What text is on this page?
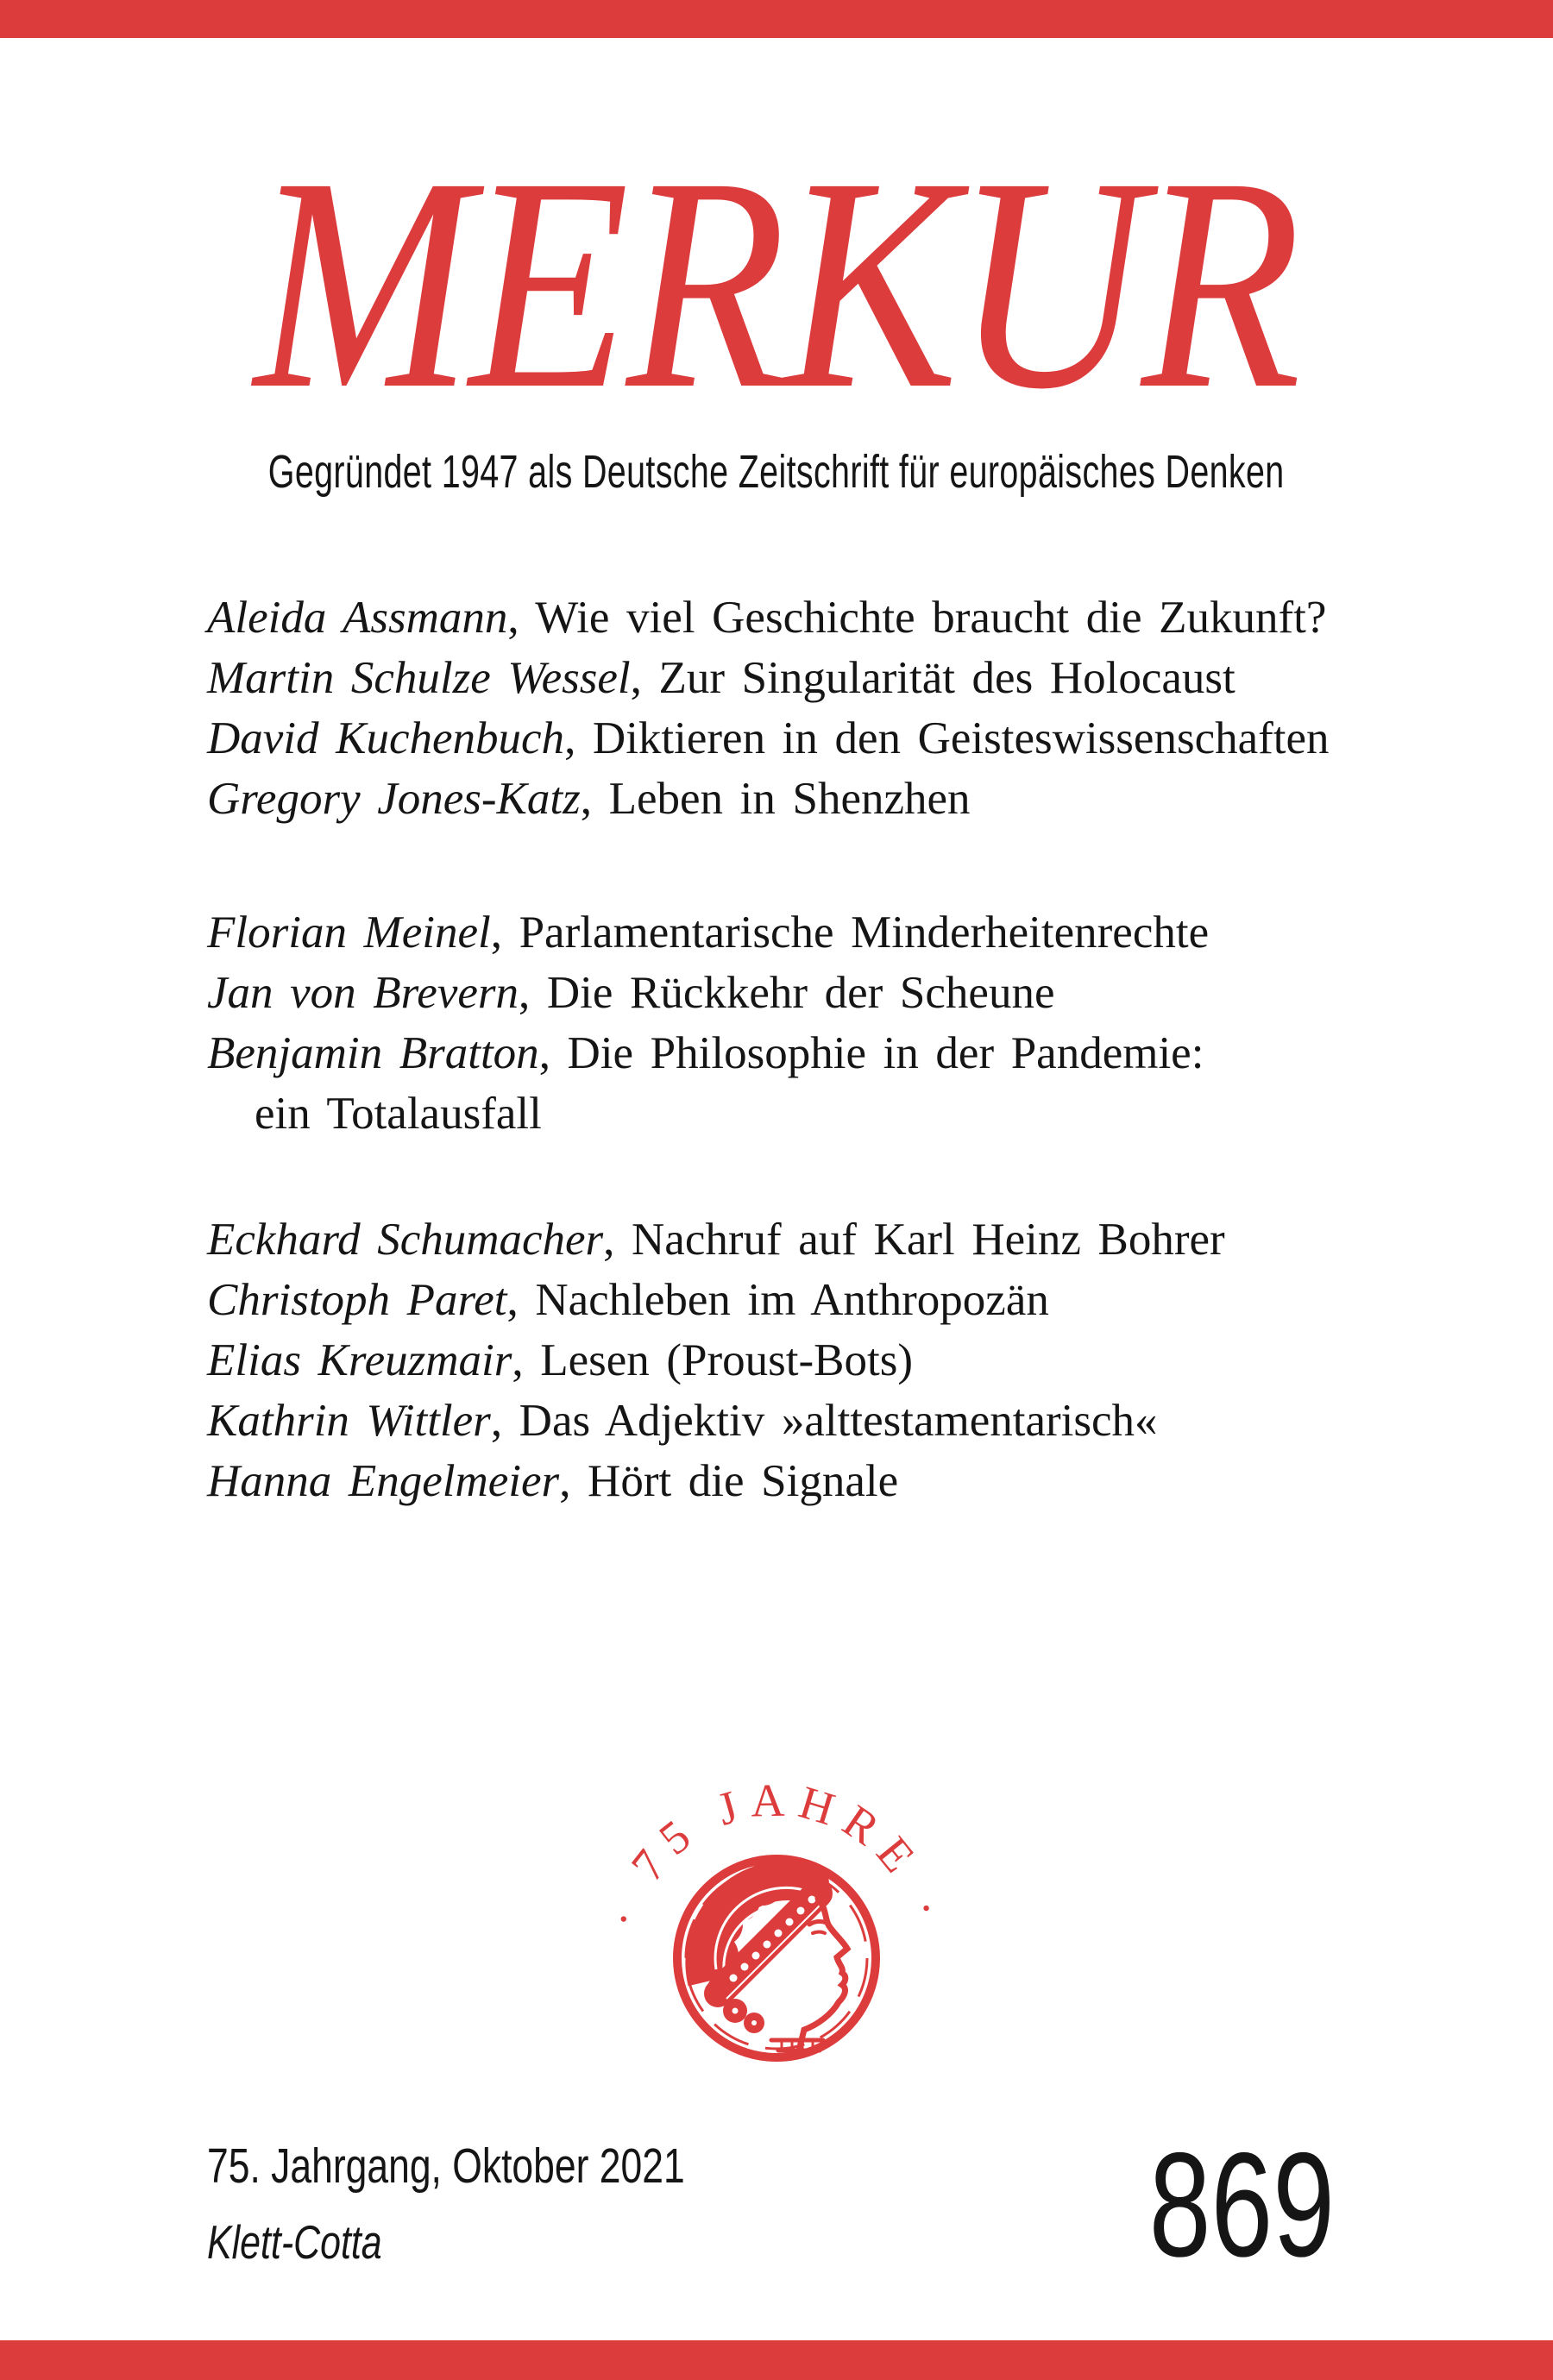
MERKUR
Gegründet 1947 als Deutsche Zeitschrift für europäisches Denken
Aleida Assmann, Wie viel Geschichte braucht die Zukunft?
Martin Schulze Wessel, Zur Singularität des Holocaust
David Kuchenbuch, Diktieren in den Geisteswissenschaften
Gregory Jones-Katz, Leben in Shenzhen
Florian Meinel, Parlamentarische Minderheitenrechte
Jan von Brevern, Die Rückkehr der Scheune
Benjamin Bratton, Die Philosophie in der Pandemie:
ein Totalausfall
Eckhard Schumacher, Nachruf auf Karl Heinz Bohrer
Christoph Paret, Nachleben im Anthropozän
Elias Kreuzmair, Lesen (Proust-Bots)
Kathrin Wittler, Das Adjektiv »alttestamentarisch«
Hanna Engelmeier, Hört die Signale
· 75 JAHRE ·
75. Jahrgang, Oktober 2021
Klett-Cotta	869
